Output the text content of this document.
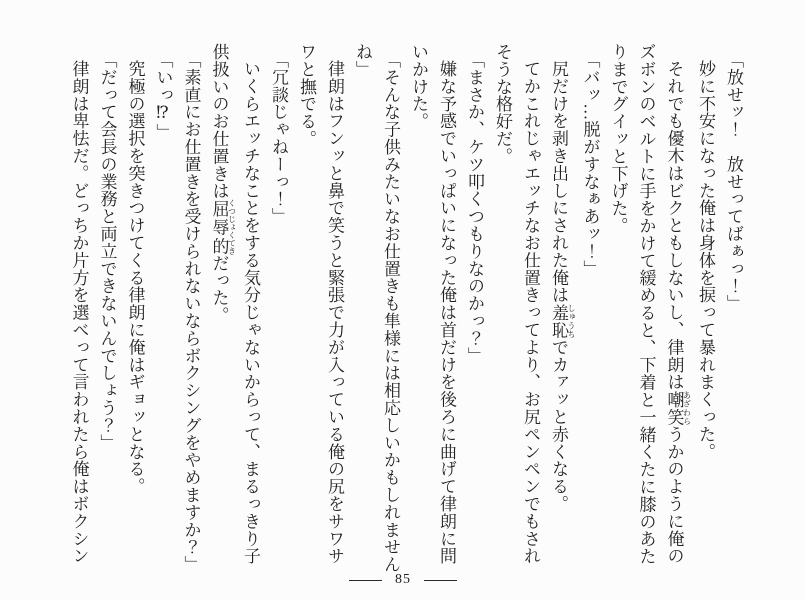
「放せッ！　放せってばぁっ！」

妙に不安になった俺は身体を捩って暴れまくった。

それでも優木はビクともしないし、律朗は嘲笑 あざわらうかのように俺の

ズボンのベルトに手をかけて緩めると、下着と一緒くたに膝のあた

りまでグイッと下げた。

「バッ…脱がすなぁあッ！」

尻だけを剥き出しにされた俺は羞恥 しゅうちでカァッと赤くなる。

てかこれじゃエッチなお仕置きってより、お尻ペンペンでもされ

そうな格好だ。

「まさか、ケツ叩くつもりなのかっ？」

嫌な予感でいっぱいになった俺は首だけを後ろに曲げて律朗に問

いかけた。

「そんな子供みたいなお仕置きも隼様には相応しいかもしれません

ね」

律朗はフンッと鼻で笑うと緊張で力が入っている俺の尻をサワサ

ワと撫でる。

「冗談じゃねーっ！」

いくらエッチなことをする気分じゃないからって、まるっきり子

供扱いのお仕置きは屈辱的 くつじょくてきだった。

「素直にお仕置きを受けられないならボクシングをやめますか？」

「いっ⁉」

究極の選択を突きつけてくる律朗に俺はギョッとなる。

「だって会長の業務と両立できないんでしょう？」

律朗は卑怯だ。どっちか片方を選べって言われたら俺はボクシン

85
